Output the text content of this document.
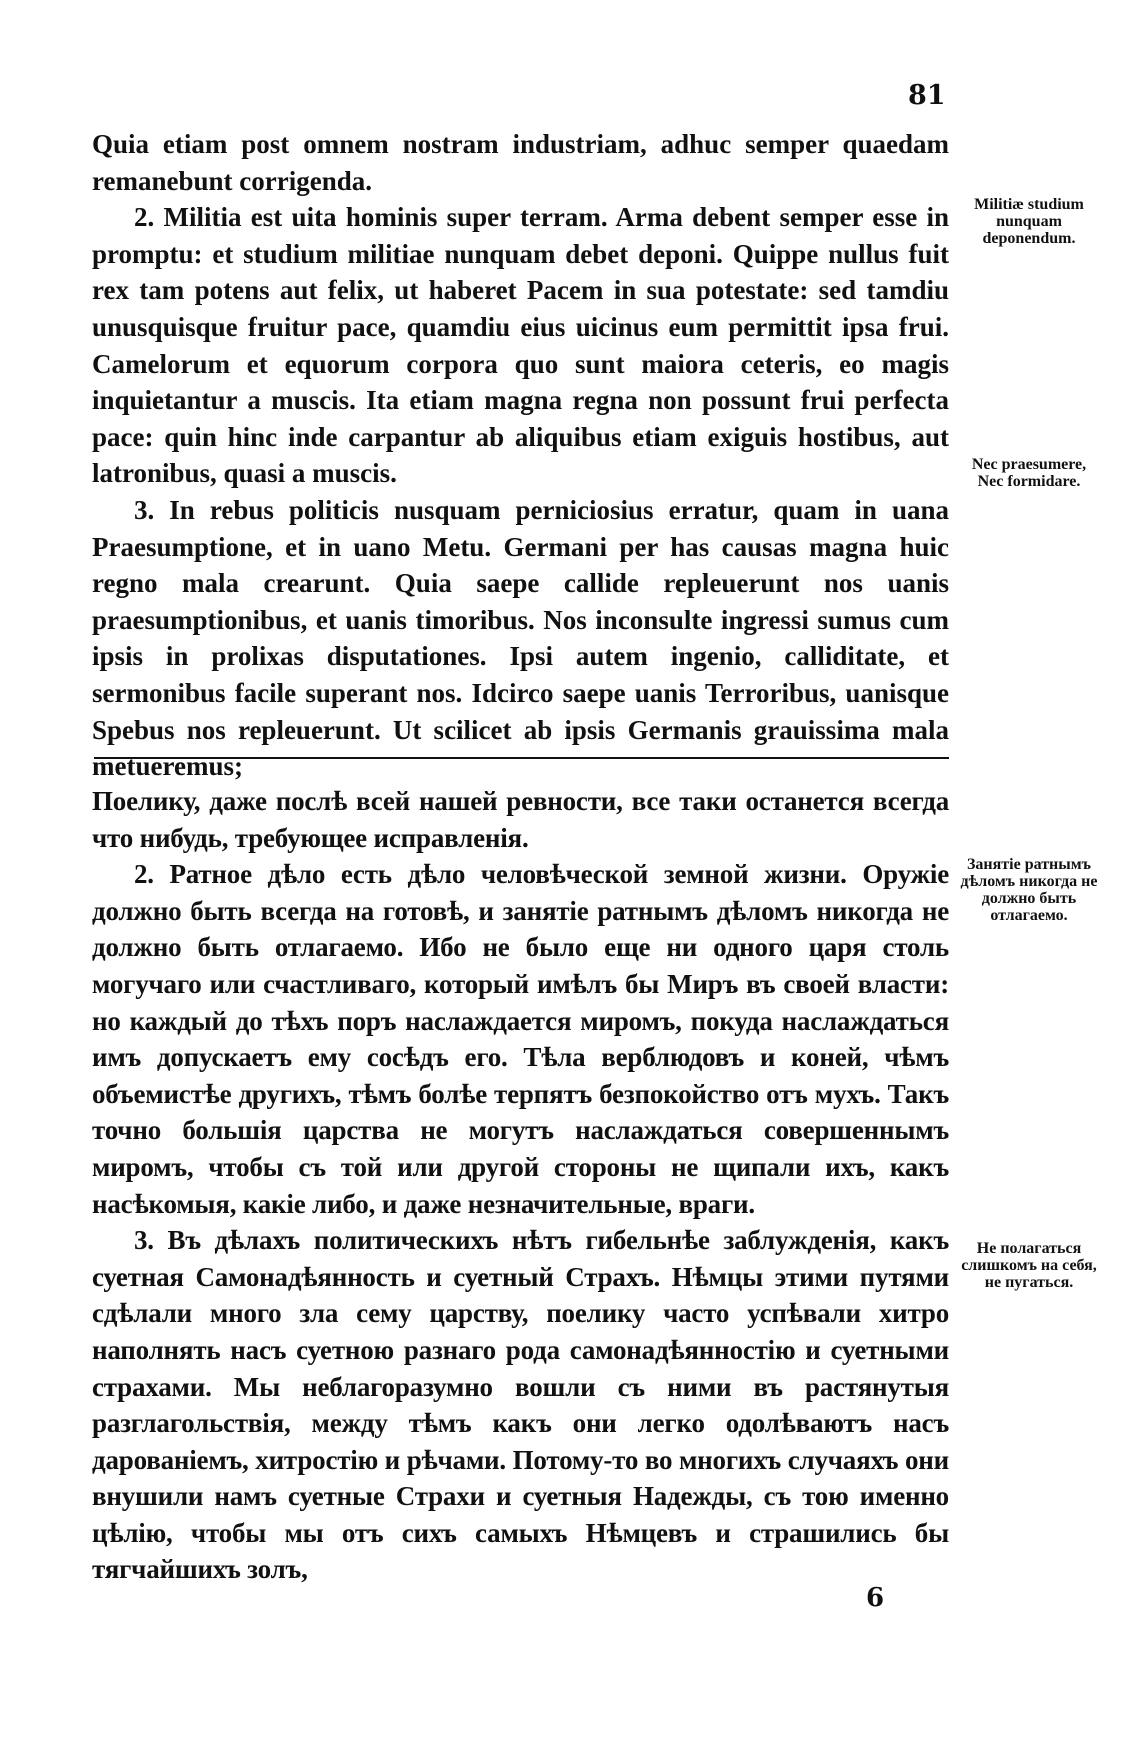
81

Quia etiam post omnem nostram industriam, adhuc semper quaedam remanebunt corrigenda.

2. Militia est uita hominis super terram. Arma debent semper esse in promptu: et studium militiae nunquam debet deponi. Quippe nullus fuit rex tam potens aut felix, ut haberet Pacem in sua potestate: sed tamdiu unusquisque fruitur pace, quamdiu eius uicinus eum permittit ipsa frui. Camelorum et equorum corpora quo sunt maiora ceteris, eo magis inquietantur a muscis. Ita etiam magna regna non possunt frui perfecta pace: quin hinc inde carpantur ab aliquibus etiam exiguis hostibus, aut latronibus, quasi a muscis.

3. In rebus politicis nusquam perniciosius erratur, quam in uana Praesumptione, et in uano Metu. Germani per has causas magna huic regno mala crearunt. Quia saepe callide repleuerunt nos uanis praesumptionibus, et uanis timoribus. Nos inconsulte ingressi sumus cum ipsis in prolixas disputationes. Ipsi autem ingenio, calliditate, et sermonibus facile superant nos. Idcirco saepe uanis Terroribus, uanisque Spebus nos repleuerunt. Ut scilicet ab ipsis Germanis grauissima mala metueremus;

Militiæ studium nunquam deponendum.
Nec praesumere, Nec formidare.

Поелику, даже послѣ всей нашей ревности, все таки останется всегда что нибудь, требующее исправленія.

2. Ратное дѣло есть дѣло человѣческой земной жизни. Оружіе должно быть всегда на готовѣ, и занятіе ратнымъ дѣломъ никогда не должно быть отлагаемо. Ибо не было еще ни одного царя столь могучаго или счастливаго, который имѣлъ бы Миръ въ своей власти: но каждый до тѣхъ поръ наслаждается миромъ, покуда наслаждаться имъ допускаетъ ему сосѣдъ его. Тѣла верблюдовъ и коней, чѣмъ объемистѣе другихъ, тѣмъ болѣе терпятъ безпокойство отъ мухъ. Такъ точно большія царства не могутъ наслаждаться совершеннымъ миромъ, чтобы съ той или другой стороны не щипали ихъ, какъ насѣкомыя, какіе либо, и даже незначительные, враги.

3. Въ дѣлахъ политическихъ нѣтъ гибельнѣе заблужденія, какъ суетная Самонадѣянность и суетный Страхъ. Нѣмцы этими путями сдѣлали много зла сему царству, поелику часто успѣвали хитро наполнять насъ суетною разнаго рода самонадѣянностію и суетными страхами. Мы неблагоразумно вошли съ ними въ растянутыя разглагольствія, между тѣмъ какъ они легко одолѣваютъ насъ дарованіемъ, хитростію и рѣчами. Потому-то во многихъ случаяхъ они внушили намъ суетные Страхи и суетныя Надежды, съ тою именно цѣлію, чтобы мы отъ сихъ самыхъ Нѣмцевъ и страшились бы тягчайшихъ золъ,

Занятіе ратнымъ дѣломъ никогда не должно быть отлагаемо.
Не полагаться слишкомъ на себя, не пугаться.
6
